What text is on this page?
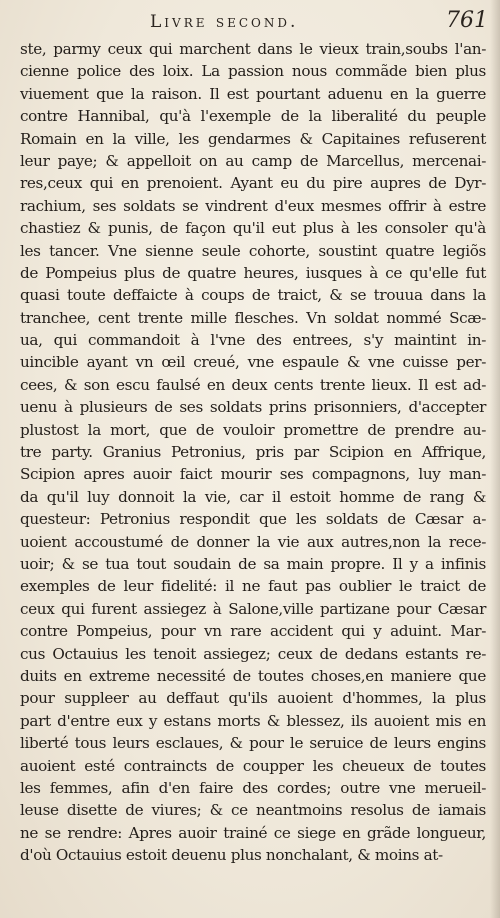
Livre second.	761
ste, parmy ceux qui marchent dans le vieux train,soubs l'an-
cienne police des loix. La passion nous commãde bien plus
viuement que la raison. Il est pourtant aduenu en la guerre
contre Hannibal, qu'à l'exemple de la liberalité du peuple
Romain en la ville, les gendarmes & Capitaines refuserent
leur paye; & appelloit on au camp de Marcellus, mercenai-
res,ceux qui en prenoient. Ayant eu du pire aupres de Dyr-
rachium, ses soldats se vindrent d'eux mesmes offrir à estre
chastiez & punis, de façon qu'il eut plus à les consoler qu'à
les tancer. Vne sienne seule cohorte, soustint quatre legiõs
de Pompeius plus de quatre heures, iusques à ce qu'elle fut
quasi toute deffaicte à coups de traict, & se trouua dans la
tranchee, cent trente mille flesches. Vn soldat nommé Scæ-
ua, qui commandoit à l'vne des entrees, s'y maintint in-
uincible ayant vn œil creué, vne espaule & vne cuisse per-
cees, & son escu faulsé en deux cents trente lieux. Il est ad-
uenu à plusieurs de ses soldats prins prisonniers, d'accepter
plustost la mort, que de vouloir promettre de prendre au-
tre party. Granius Petronius, pris par Scipion en Affrique,
Scipion apres auoir faict mourir ses compagnons, luy man-
da qu'il luy donnoit la vie, car il estoit homme de rang &
questeur: Petronius respondit que les soldats de Cæsar a-
uoient accoustumé de donner la vie aux autres,non la rece-
uoir; & se tua tout soudain de sa main propre. Il y a infinis
exemples de leur fidelité: il ne faut pas oublier le traict de
ceux qui furent assiegez à Salone,ville partizane pour Cæsar
contre Pompeius, pour vn rare accident qui y aduint. Mar-
cus Octauius les tenoit assiegez; ceux de dedans estants re-
duits en extreme necessité de toutes choses,en maniere que
pour suppleer au deffaut qu'ils auoient d'hommes, la plus
part d'entre eux y estans morts & blessez, ils auoient mis en
liberté tous leurs esclaues, & pour le seruice de leurs engins
auoient esté contraincts de coupper les cheueux de toutes
les femmes, afin d'en faire des cordes; outre vne merueil-
leuse disette de viures; & ce neantmoins resolus de iamais
ne se rendre: Apres auoir trainé ce siege en grãde longueur,
d'où Octauius estoit deuenu plus nonchalant, & moins at-
